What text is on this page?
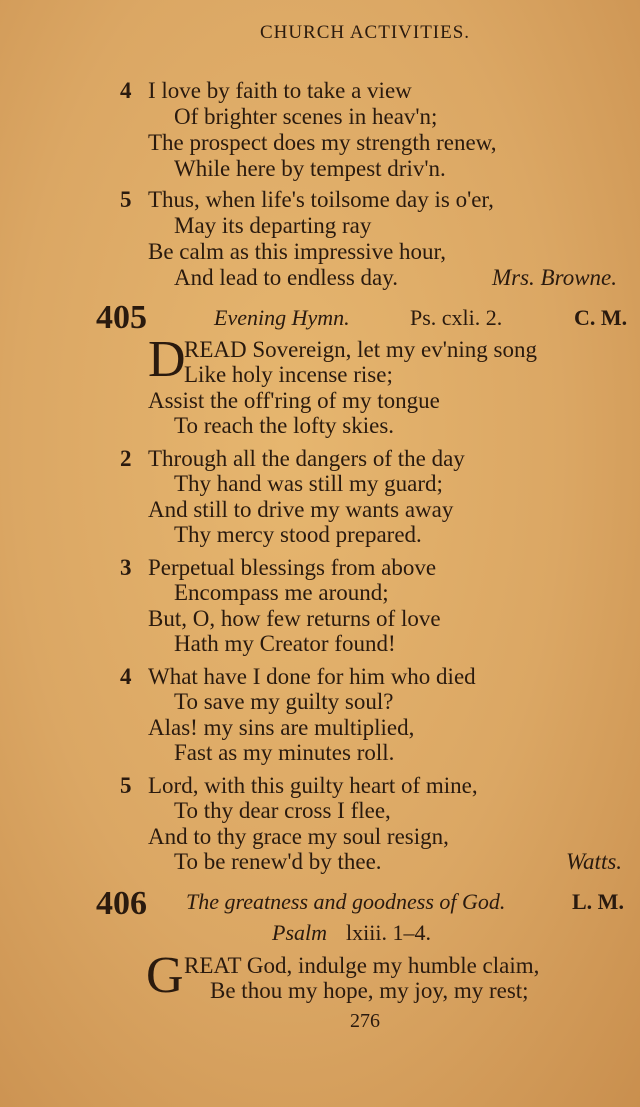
CHURCH ACTIVITIES.
4 I love by faith to take a view
Of brighter scenes in heav'n;
The prospect does my strength renew,
While here by tempest driv'n.
5 Thus, when life's toilsome day is o'er,
May its departing ray
Be calm as this impressive hour,
And lead to endless day.	Mrs. Browne.
405	Evening Hymn.	Ps. cxli. 2.	C. M.
D
READ Sovereign, let my ev'ning song
Like holy incense rise;
Assist the off'ring of my tongue
To reach the lofty skies.
2 Through all the dangers of the day
Thy hand was still my guard;
And still to drive my wants away
Thy mercy stood prepared.
3 Perpetual blessings from above
Encompass me around;
But, O, how few returns of love
Hath my Creator found!
4 What have I done for him who died
To save my guilty soul?
Alas! my sins are multiplied,
Fast as my minutes roll.
5 Lord, with this guilty heart of mine,
To thy dear cross I flee,
And to thy grace my soul resign,
To be renew'd by thee.	Watts.
406 The greatness and goodness of God.	L. M.
Psalm lxiii. 1–4.
G REAT God, indulge my humble claim,
Be thou my hope, my joy, my rest;
276
